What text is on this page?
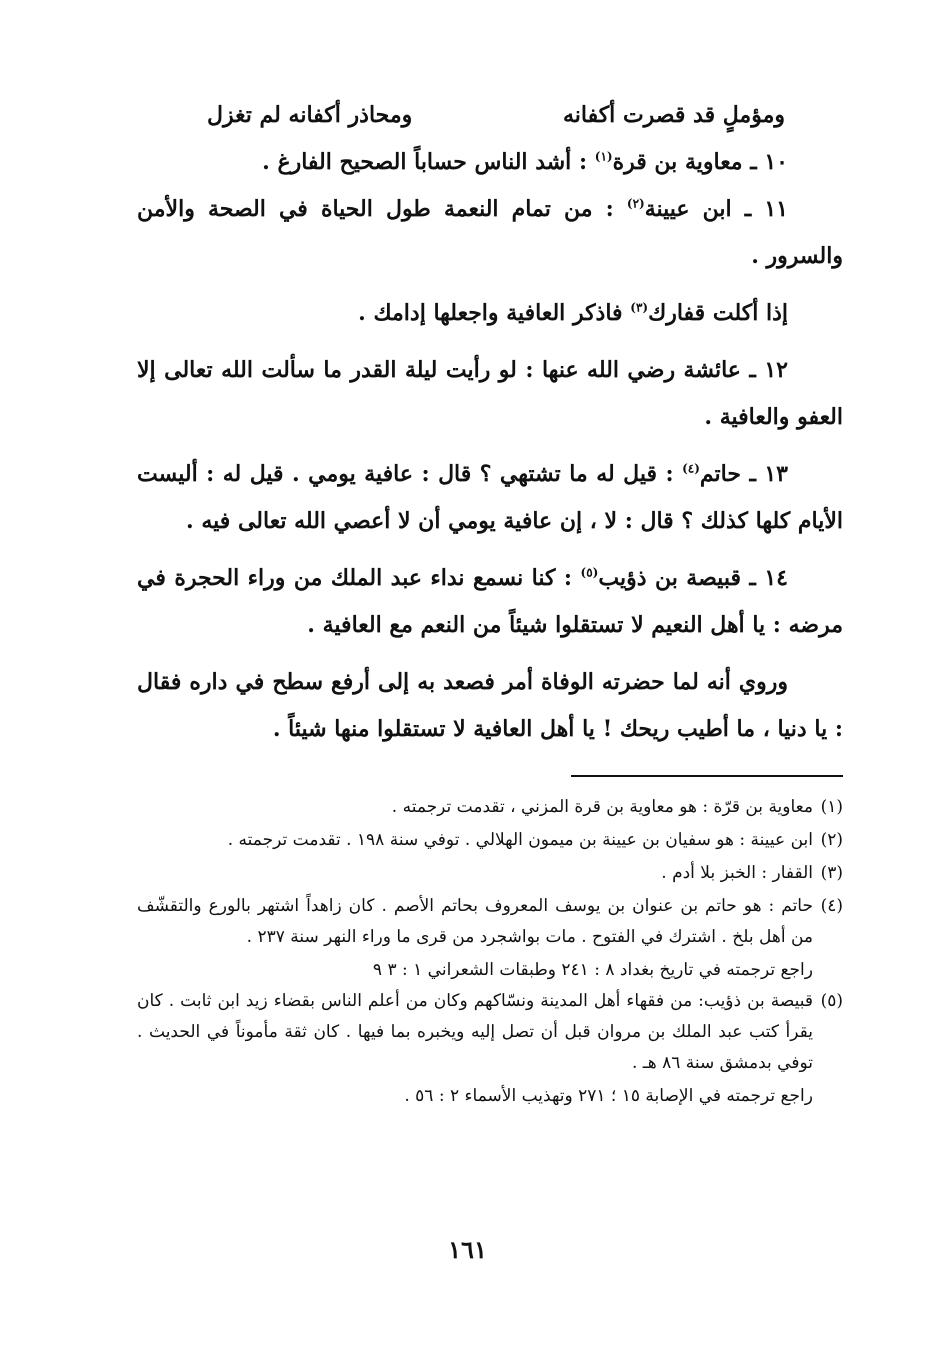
ومؤملٍ قد قصرت أكفانه
ومحاذر أكفانه لم تغزل

١٠ ـ معاوية بن قرة$^{(١)}$ : أشد الناس حساباً الصحيح الفارغ .

١١ ـ ابن عيينة$^{(٢)}$ : من تمام النعمة طول الحياة في الصحة والأمن والسرور .

إذا أكلت قفارك$^{(٣)}$ فاذكر العافية واجعلها إدامك .

١٢ ـ عائشة رضي الله عنها : لو رأيت ليلة القدر ما سألت الله تعالى إلا العفو والعافية .

١٣ ـ حاتم$^{(٤)}$ : قيل له ما تشتهي ؟ قال : عافية يومي . قيل له : أليست الأيام كلها كذلك ؟ قال : لا ، إن عافية يومي أن لا أعصي الله تعالى فيه .

١٤ ـ قبيصة بن ذؤيب$^{(٥)}$ : كنا نسمع نداء عبد الملك من وراء الحجرة في مرضه : يا أهل النعيم لا تستقلوا شيئاً من النعم مع العافية .

وروي أنه لما حضرته الوفاة أمر فصعد به إلى أرفع سطح في داره فقال : يا دنيا ، ما أطيب ريحك ! يا أهل العافية لا تستقلوا منها شيئاً .

(١)
معاوية بن قرّة : هو معاوية بن قرة المزني ، تقدمت ترجمته .
(٢)
ابن عيينة : هو سفيان بن عيينة بن ميمون الهلالي . توفي سنة ١٩٨ . تقدمت ترجمته .
(٣)
القفار : الخبز بلا أدم .
(٤)
حاتم : هو حاتم بن عنوان بن يوسف المعروف بحاتم الأصم . كان زاهداً اشتهر بالورع والتقشّف من أهل بلخ . اشترك في الفتوح . مات بواشجرد من قرى ما وراء النهر سنة ٢٣٧ .
راجع ترجمته في تاريخ بغداد ٨ : ٢٤١ وطبقات الشعراني ١ : ٣ ٩
(٥)
قبيصة بن ذؤيب: من فقهاء أهل المدينة ونسّاكهم وكان من أعلم الناس بقضاء زيد ابن ثابت . كان يقرأ كتب عبد الملك بن مروان قبل أن تصل إليه ويخبره بما فيها . كان ثقة مأموناً في الحديث . توفي بدمشق سنة ٨٦ هـ .
راجع ترجمته في الإصابة ١٥ ؛ ٢٧١ وتهذيب الأسماء ٢ : ٥٦ .
١٦١
